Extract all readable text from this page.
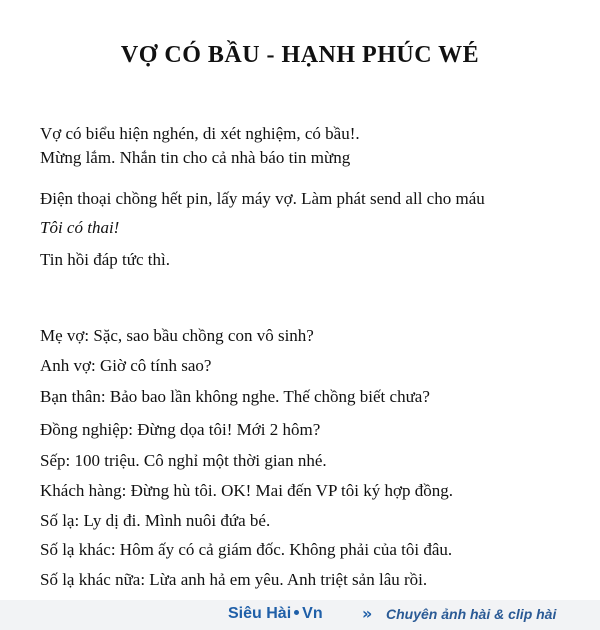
VỢ CÓ BẦU - HẠNH PHÚC WÉ
Vợ có biểu hiện nghén, di xét nghiệm, có bầu!.
Mừng lắm. Nhắn tin cho cả nhà báo tin mừng
Điện thoại chồng hết pin, lấy máy vợ. Làm phát send all cho máu
Tôi có thai!
Tin hồi đáp tức thì.
Mẹ vợ: Sặc, sao bầu chồng con vô sinh?
Anh vợ: Giờ cô tính sao?
Bạn thân: Bảo bao lần không nghe. Thế chồng biết chưa?
Đồng nghiệp: Đừng dọa tôi! Mới 2 hôm?
Sếp: 100 triệu. Cô nghỉ một thời gian nhé.
Khách hàng: Đừng hù tôi. OK! Mai đến VP tôi ký hợp đồng.
Số lạ: Ly dị đi. Mình nuôi đứa bé.
Số lạ khác: Hôm ấy có cả giám đốc. Không phải của tôi đâu.
Số lạ khác nữa: Lừa anh hả em yêu. Anh triệt sản lâu rồi.
Siêu Hài Vn » Chuyên ảnh hài & clip hài
